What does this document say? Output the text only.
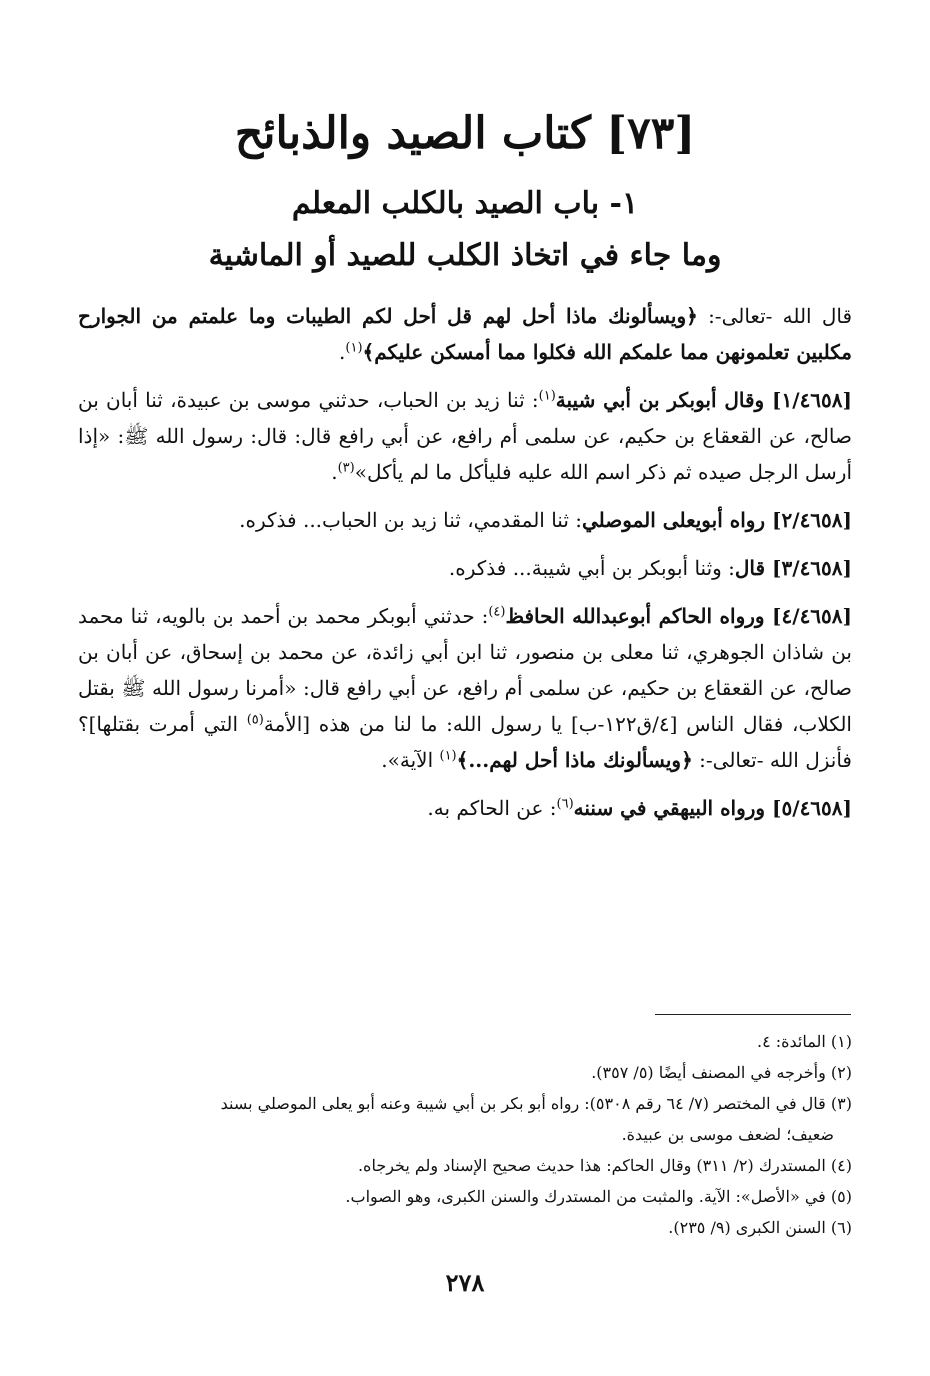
[٧٣] كتاب الصيد والذبائح
١- باب الصيد بالكلب المعلم
وما جاء في اتخاذ الكلب للصيد أو الماشية

قال الله -تعالى-: ﴿ويسألونك ماذا أحل لهم قل أحل لكم الطيبات وما علمتم من الجوارح مكلبين تعلمونهن مما علمكم الله فكلوا مما أمسكن عليكم﴾$^{(١)}$.

[١/٤٦٥٨] وقال أبوبكر بن أبي شيبة$^{(١)}$: ثنا زيد بن الحباب، حدثني موسى بن عبيدة، ثنا أبان بن صالح، عن القعقاع بن حكيم، عن سلمى أم رافع، عن أبي رافع قال: قال: رسول الله ﷺ: «إذا أرسل الرجل صيده ثم ذكر اسم الله عليه فليأكل ما لم يأكل»$^{(٣)}$.

[٢/٤٦٥٨] رواه أبويعلى الموصلي: ثنا المقدمي، ثنا زيد بن الحباب... فذكره.

[٣/٤٦٥٨] قال: وثنا أبوبكر بن أبي شيبة... فذكره.

[٤/٤٦٥٨] ورواه الحاكم أبوعبدالله الحافظ$^{(٤)}$: حدثني أبوبكر محمد بن أحمد بن بالويه، ثنا محمد بن شاذان الجوهري، ثنا معلى بن منصور، ثنا ابن أبي زائدة، عن محمد بن إسحاق، عن أبان بن صالح، عن القعقاع بن حكيم، عن سلمى أم رافع، عن أبي رافع قال: «أمرنا رسول الله ﷺ بقتل الكلاب، فقال الناس [٤/ق١٢٢-ب] يا رسول الله: ما لنا من هذه [الأمة$^{(٥)}$ التي أمرت بقتلها]؟ فأنزل الله -تعالى-: ﴿ويسألونك ماذا أحل لهم...﴾$^{(١)}$ الآية».

[٥/٤٦٥٨] ورواه البيهقي في سننه$^{(٦)}$: عن الحاكم به.

(١) المائدة: ٤.

(٢) وأخرجه في المصنف أيضًا (٥/ ٣٥٧).

(٣) قال في المختصر (٧/ ٦٤ رقم ٥٣٠٨): رواه أبو بكر بن أبي شيبة وعنه أبو يعلى الموصلي بسند

ضعيف؛ لضعف موسى بن عبيدة.

(٤) المستدرك (٢/ ٣١١) وقال الحاكم: هذا حديث صحيح الإسناد ولم يخرجاه.

(٥) في «الأصل»: الآية. والمثبت من المستدرك والسنن الكبرى، وهو الصواب.

(٦) السنن الكبرى (٩/ ٢٣٥).

٢٧٨
